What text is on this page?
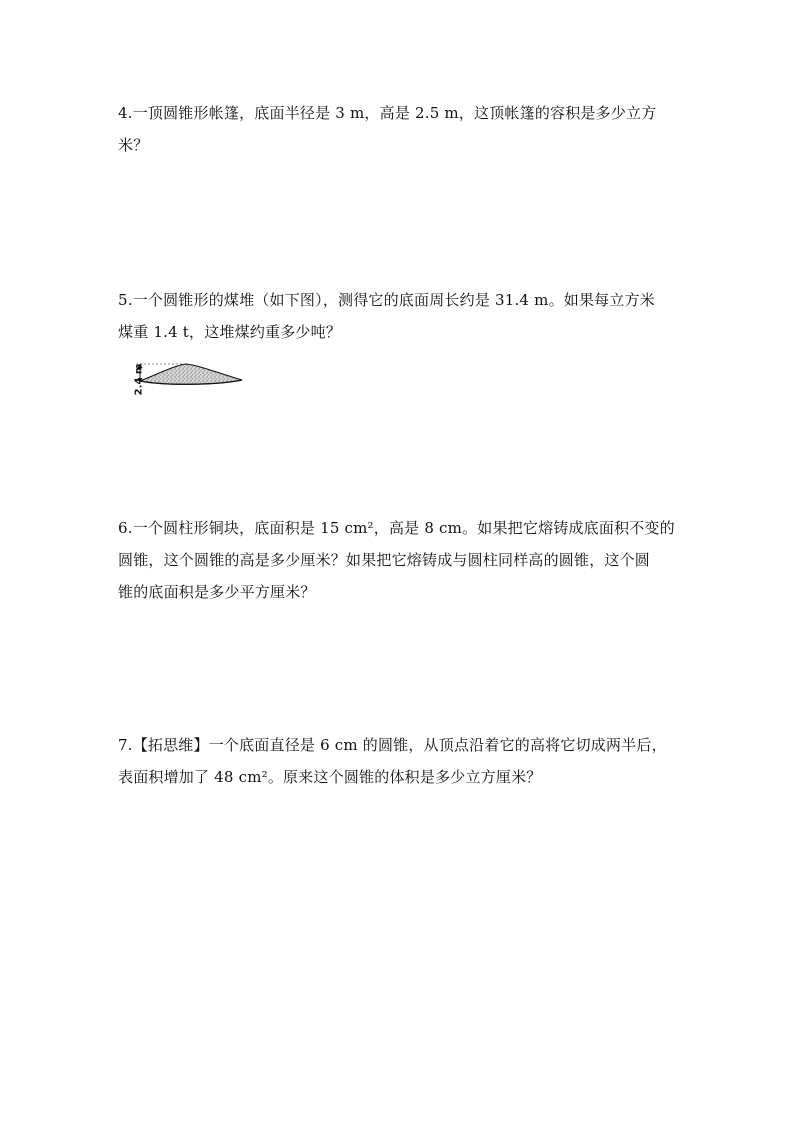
4.一顶圆锥形帐篷，底面半径是 3 m，高是 2.5 m，这顶帐篷的容积是多少立方

米？

5.一个圆锥形的煤堆（如下图），测得它的底面周长约是 31.4 m。如果每立方米

煤重 1.4 t，这堆煤约重多少吨？

2.4 m

6.一个圆柱形铜块，底面积是 15 cm²，高是 8 cm。如果把它熔铸成底面积不变的

圆锥，这个圆锥的高是多少厘米？如果把它熔铸成与圆柱同样高的圆锥，这个圆

锥的底面积是多少平方厘米？

7.【拓思维】一个底面直径是 6 cm 的圆锥，从顶点沿着它的高将它切成两半后，

表面积增加了 48 cm²。原来这个圆锥的体积是多少立方厘米？
